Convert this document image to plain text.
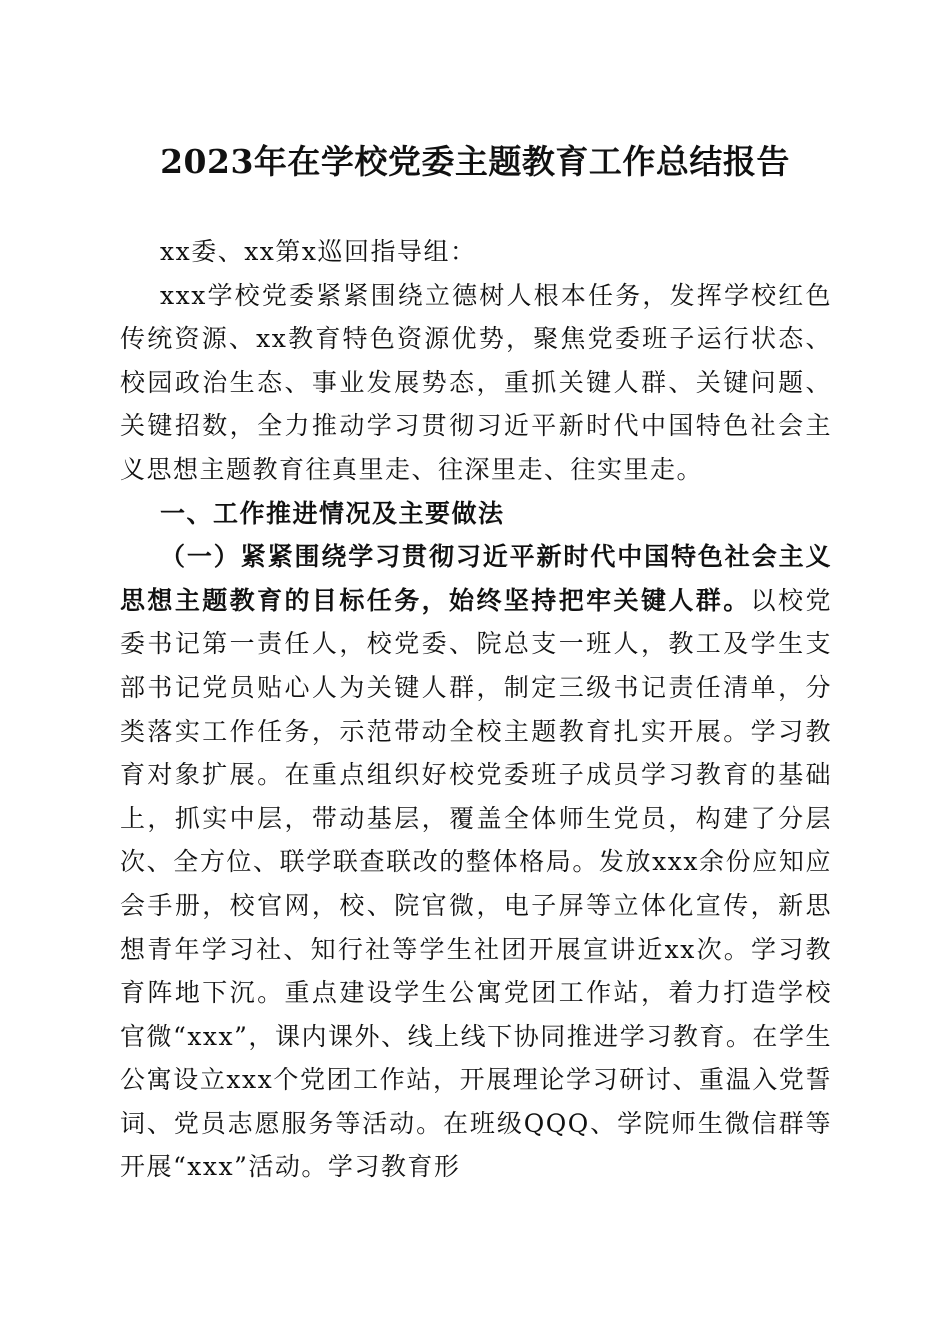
2023年在学校党委主题教育工作总结报告

xx委、xx第x巡回指导组：

xxx学校党委紧紧围绕立德树人根本任务，发挥学校红色传统资源、xx教育特色资源优势，聚焦党委班子运行状态、校园政治生态、事业发展势态，重抓关键人群、关键问题、关键招数，全力推动学习贯彻习近平新时代中国特色社会主义思想主题教育往真里走、往深里走、往实里走。

一、工作推进情况及主要做法

（一）紧紧围绕学习贯彻习近平新时代中国特色社会主义思想主题教育的目标任务，始终坚持把牢关键人群。以校党委书记第一责任人，校党委、院总支一班人，教工及学生支部书记党员贴心人为关键人群，制定三级书记责任清单，分类落实工作任务，示范带动全校主题教育扎实开展。学习教育对象扩展。在重点组织好校党委班子成员学习教育的基础上，抓实中层，带动基层，覆盖全体师生党员，构建了分层次、全方位、联学联查联改的整体格局。发放xxx余份应知应会手册，校官网，校、院官微，电子屏等立体化宣传，新思想青年学习社、知行社等学生社团开展宣讲近xx次。学习教育阵地下沉。重点建设学生公寓党团工作站，着力打造学校官微“xxx”，课内课外、线上线下协同推进学习教育。在学生公寓设立xxx个党团工作站，开展理论学习研讨、重温入党誓词、党员志愿服务等活动。在班级QQQ、学院师生微信群等开展“xxx”活动。学习教育形
